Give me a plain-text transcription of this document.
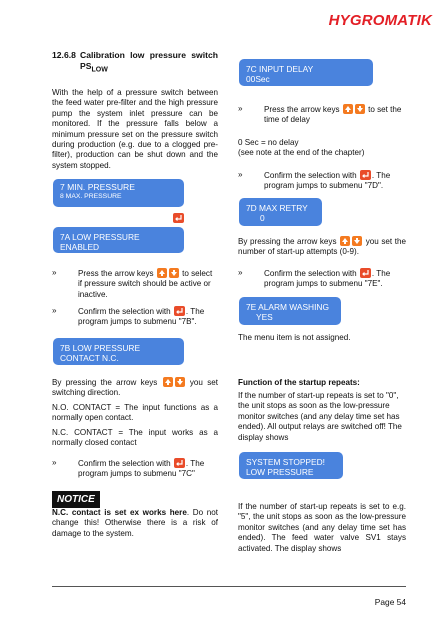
HYGROMATIK
12.6.8 Calibration low pressure switch $PS_{LOW}$
With the help of a pressure switch between the feed water pre-filter and the high pressure pump the system inlet pressure can be monitored. If the pressure falls below a minimum pressure set on the pressure switch during production (e.g. due to a clogged pre-filter), production can be shut down and the system stopped.
7 MIN. PRESSURE
8 MAX. PRESSURE
7A LOW PRESSURE
ENABLED
»	Press the arrow keys	to select if pressure switch should be active or inactive.
»	Confirm the selection with . The program jumps to submenu "7B".
7B LOW PRESSURE
CONTACT N.C.
By pressing the arrow keys	you set switching direction.
N.O. CONTACT = The input functions as a normally open contact.
N.C. CONTACT = The input works as a normally closed contact
»	Confirm the selection with . The program jumps to submenu "7C"
NOTICE
N.C. contact is set ex works here. Do not change this! Otherwise there is a risk of damage to the system.
7C INPUT DELAY
00Sec
»	Press the arrow keys	to set the time of delay
0 Sec = no delay
(see note at the end of the chapter)
»	Confirm the selection with . The program jumps to submenu "7D".
7D MAX RETRY
0
By pressing the arrow keys	you set the number of start-up attempts (0-9).
»	Confirm the selection with . The program jumps to submenu "7E".
7E ALARM WASHING
YES
The menu item is not assigned.
Function of the startup repeats:
If the number of start-up repeats is set to "0", the unit stops as soon as the low-pressure monitor switches (and any delay time set has ended). All output relays are switched off! The display shows
SYSTEM STOPPED!
LOW PRESSURE
If the number of start-up repeats is set to e.g. "5", the unit stops as soon as the low-pressure monitor switches (and any delay time set has ended). The feed water valve SV1 stays activated. The display shows
Page 54
